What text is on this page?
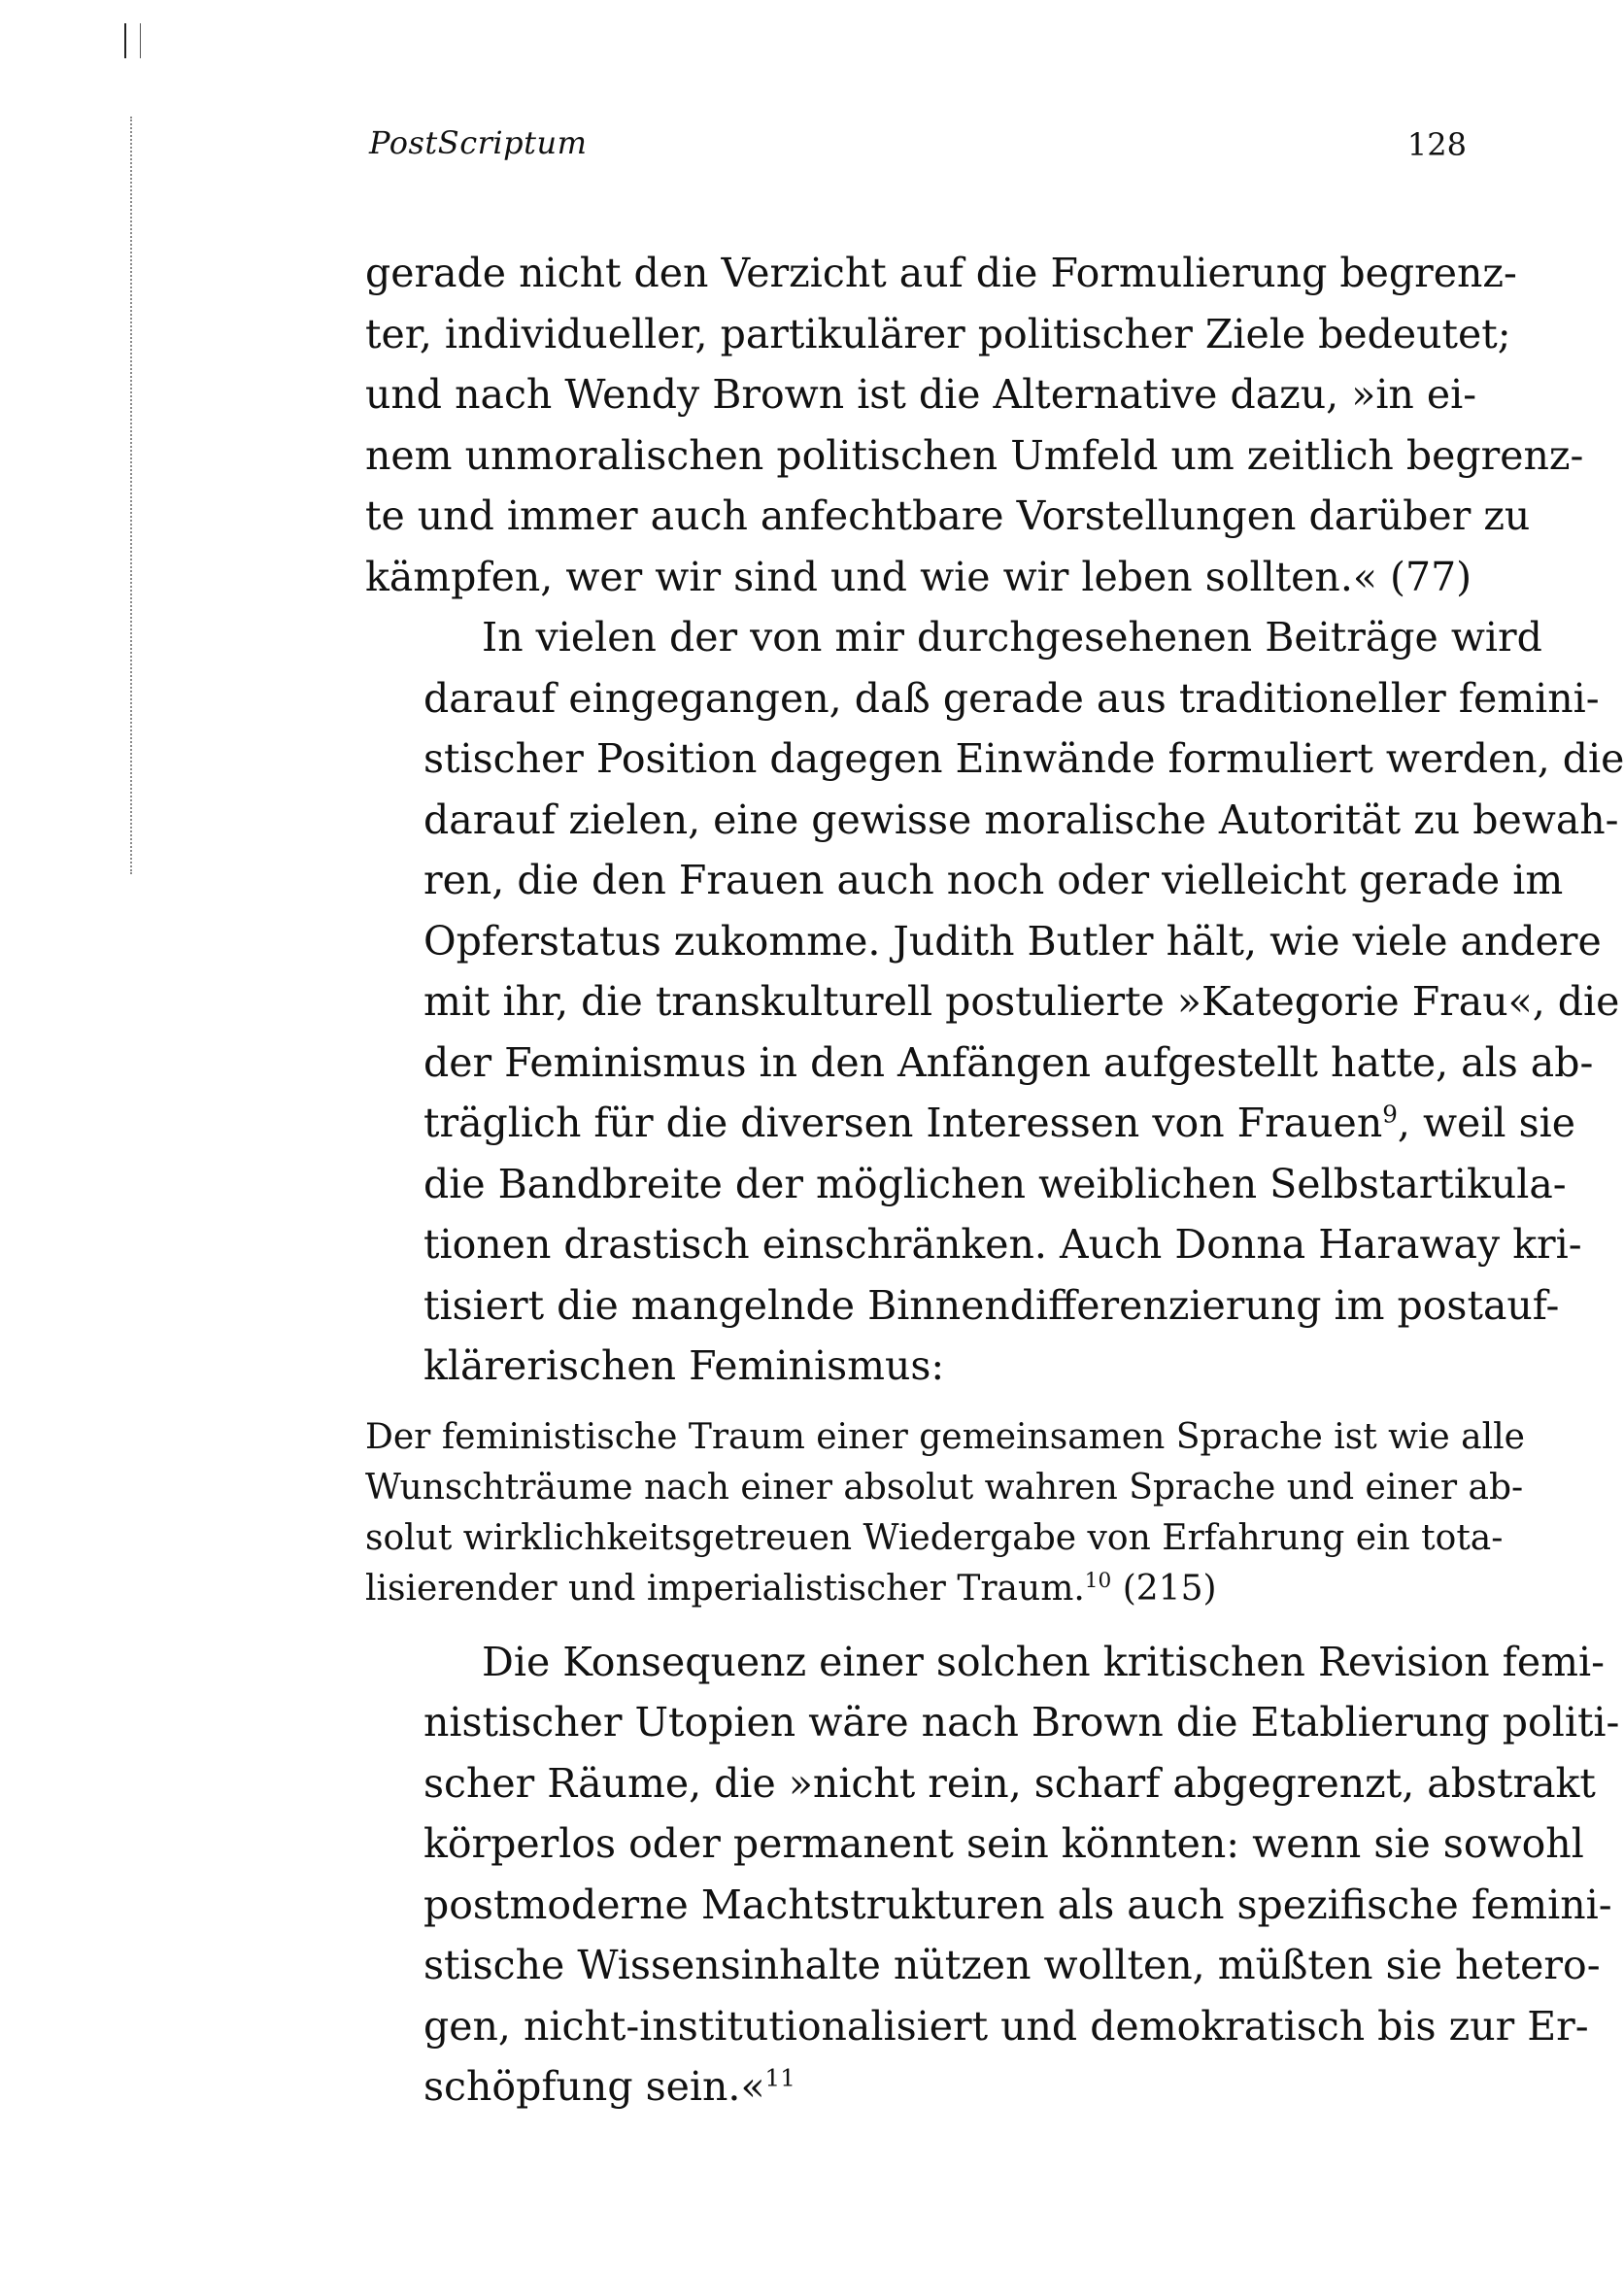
PostScriptum	128

gerade nicht den Verzicht auf die Formulierung begrenz-
ter, individueller, partikulärer politischer Ziele bedeutet;
und nach Wendy Brown ist die Alternative dazu, »in ei-
nem unmoralischen politischen Umfeld um zeitlich begrenz-
te und immer auch anfechtbare Vorstellungen darüber zu
kämpfen, wer wir sind und wie wir leben sollten.« (77)

In vielen der von mir durchgesehenen Beiträge wird
darauf eingegangen, daß gerade aus traditioneller femini-
stischer Position dagegen Einwände formuliert werden, die
darauf zielen, eine gewisse moralische Autorität zu bewah-
ren, die den Frauen auch noch oder vielleicht gerade im
Opferstatus zukomme. Judith Butler hält, wie viele andere
mit ihr, die transkulturell postulierte »Kategorie Frau«, die
der Feminismus in den Anfängen aufgestellt hatte, als ab-
träglich für die diversen Interessen von Frauen$^9$, weil sie
die Bandbreite der möglichen weiblichen Selbstartikula-
tionen drastisch einschränken. Auch Donna Haraway kri-
tisiert die mangelnde Binnendifferenzierung im postauf-
klärerischen Feminismus:

Der feministische Traum einer gemeinsamen Sprache ist wie alle
Wunschträume nach einer absolut wahren Sprache und einer ab-
solut wirklichkeitsgetreuen Wiedergabe von Erfahrung ein tota-
lisierender und imperialistischer Traum.$^{10}$ (215)

Die Konsequenz einer solchen kritischen Revision femi-
nistischer Utopien wäre nach Brown die Etablierung politi-
scher Räume, die »nicht rein, scharf abgegrenzt, abstrakt
körperlos oder permanent sein könnten: wenn sie sowohl
postmoderne Machtstrukturen als auch spezifische femini-
stische Wissensinhalte nützen wollten, müßten sie hetero-
gen, nicht-institutionalisiert und demokratisch bis zur Er-
schöpfung sein.«$^{11}$
